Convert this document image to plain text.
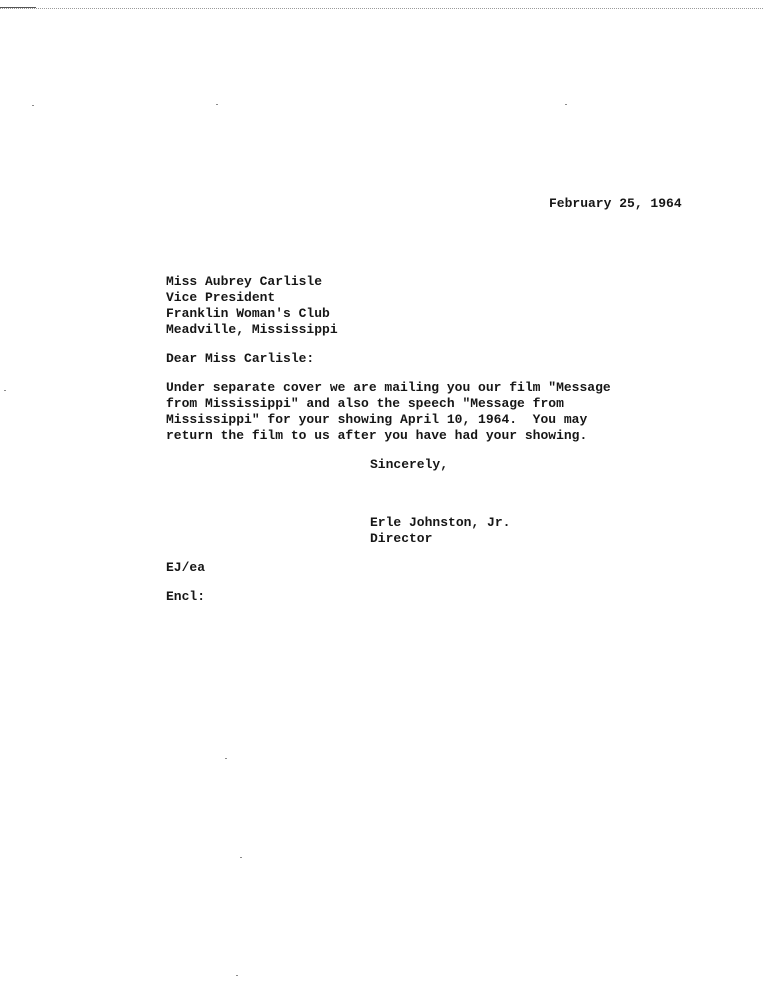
February 25, 1964
Miss Aubrey Carlisle
Vice President
Franklin Woman's Club
Meadville, Mississippi
Dear Miss Carlisle:
Under separate cover we are mailing you our film "Message
from Mississippi" and also the speech "Message from
Mississippi" for your showing April 10, 1964.  You may
return the film to us after you have had your showing.
Sincerely,
Erle Johnston, Jr.
Director
EJ/ea
Encl:
